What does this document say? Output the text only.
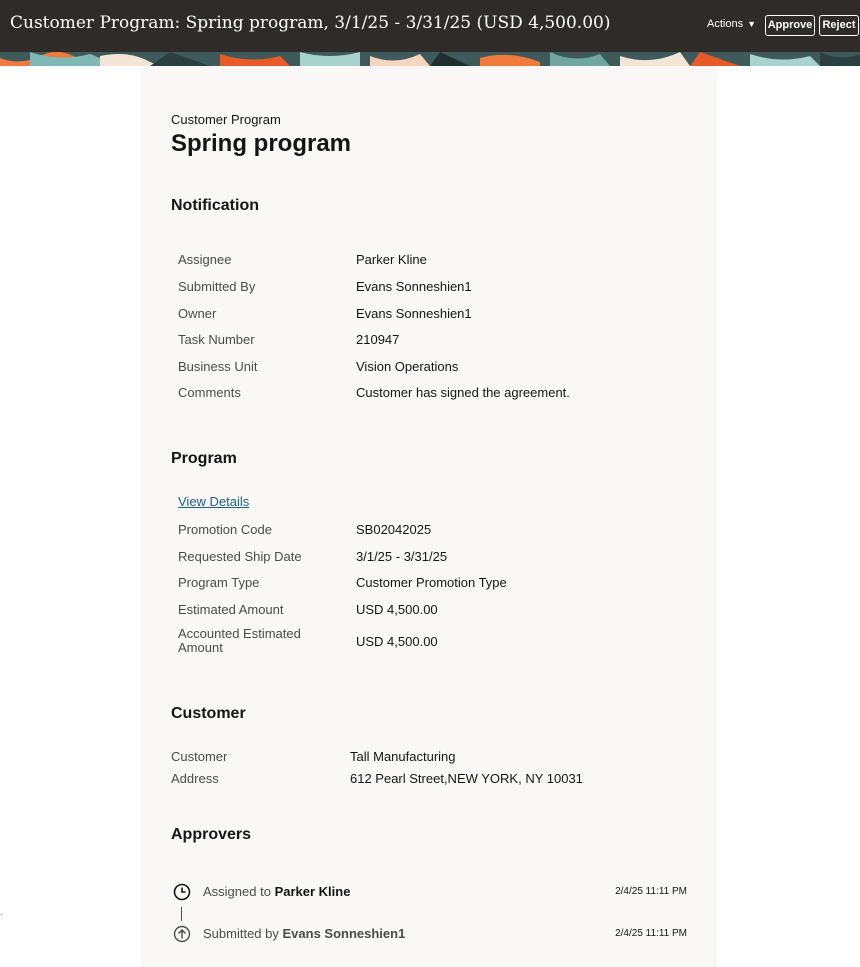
Customer Program: Spring program, 3/1/25 - 3/31/25 (USD 4,500.00)	Actions ▼ Approve Reject
Customer Program
Spring program
Notification
Assignee	Parker Kline
Submitted By	Evans Sonneshien1
Owner	Evans Sonneshien1
Task Number	210947
Business Unit	Vision Operations
Comments	Customer has signed the agreement.
Program
View Details
Promotion Code	SB02042025
Requested Ship Date	3/1/25 - 3/31/25
Program Type	Customer Promotion Type
Estimated Amount	USD 4,500.00
Accounted Estimated Amount	USD 4,500.00
Customer
Customer	Tall Manufacturing
Address	612 Pearl Street,NEW YORK, NY 10031
Approvers
Assigned to Parker Kline	2/4/25 11:11 PM
Submitted by Evans Sonneshien1	2/4/25 11:11 PM
·
